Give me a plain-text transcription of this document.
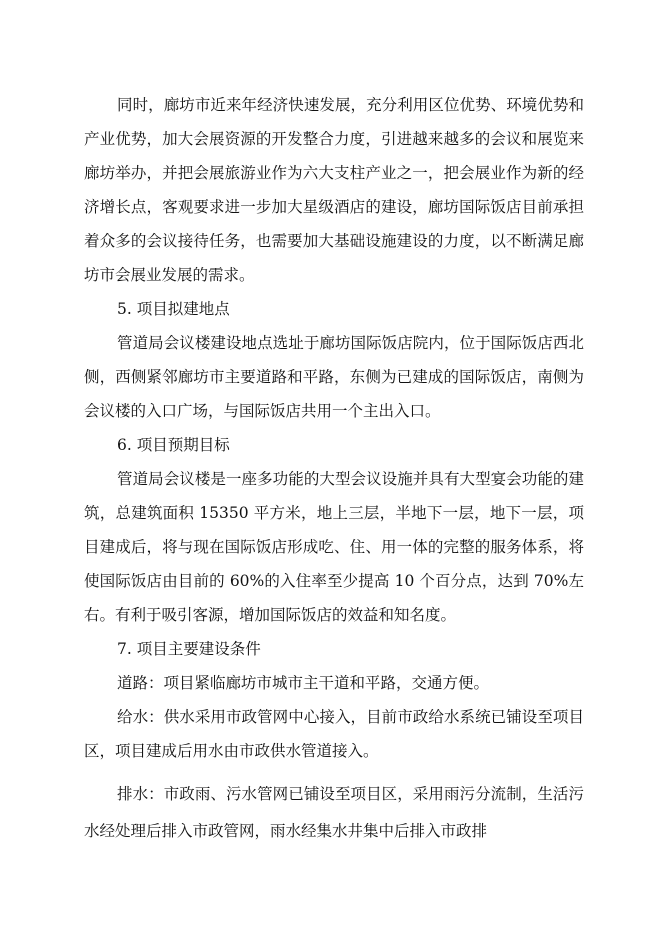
同时，廊坊市近来年经济快速发展，充分利用区位优势、环境优势和产业优势，加大会展资源的开发整合力度，引进越来越多的会议和展览来廊坊举办，并把会展旅游业作为六大支柱产业之一，把会展业作为新的经济增长点，客观要求进一步加大星级酒店的建设，廊坊国际饭店目前承担着众多的会议接待任务，也需要加大基础设施建设的力度，以不断满足廊坊市会展业发展的需求。

5. 项目拟建地点

管道局会议楼建设地点选址于廊坊国际饭店院内，位于国际饭店西北侧，西侧紧邻廊坊市主要道路和平路，东侧为已建成的国际饭店，南侧为会议楼的入口广场，与国际饭店共用一个主出入口。

6. 项目预期目标

管道局会议楼是一座多功能的大型会议设施并具有大型宴会功能的建筑，总建筑面积 15350 平方米，地上三层，半地下一层，地下一层，项目建成后，将与现在国际饭店形成吃、住、用一体的完整的服务体系，将使国际饭店由目前的 60%的入住率至少提高 10 个百分点，达到 70%左右。有利于吸引客源，增加国际饭店的效益和知名度。

7. 项目主要建设条件

道路：项目紧临廊坊市城市主干道和平路，交通方便。

给水：供水采用市政管网中心接入，目前市政给水系统已铺设至项目区，项目建成后用水由市政供水管道接入。

排水：市政雨、污水管网已铺设至项目区，采用雨污分流制，生活污水经处理后排入市政管网，雨水经集水井集中后排入市政排
